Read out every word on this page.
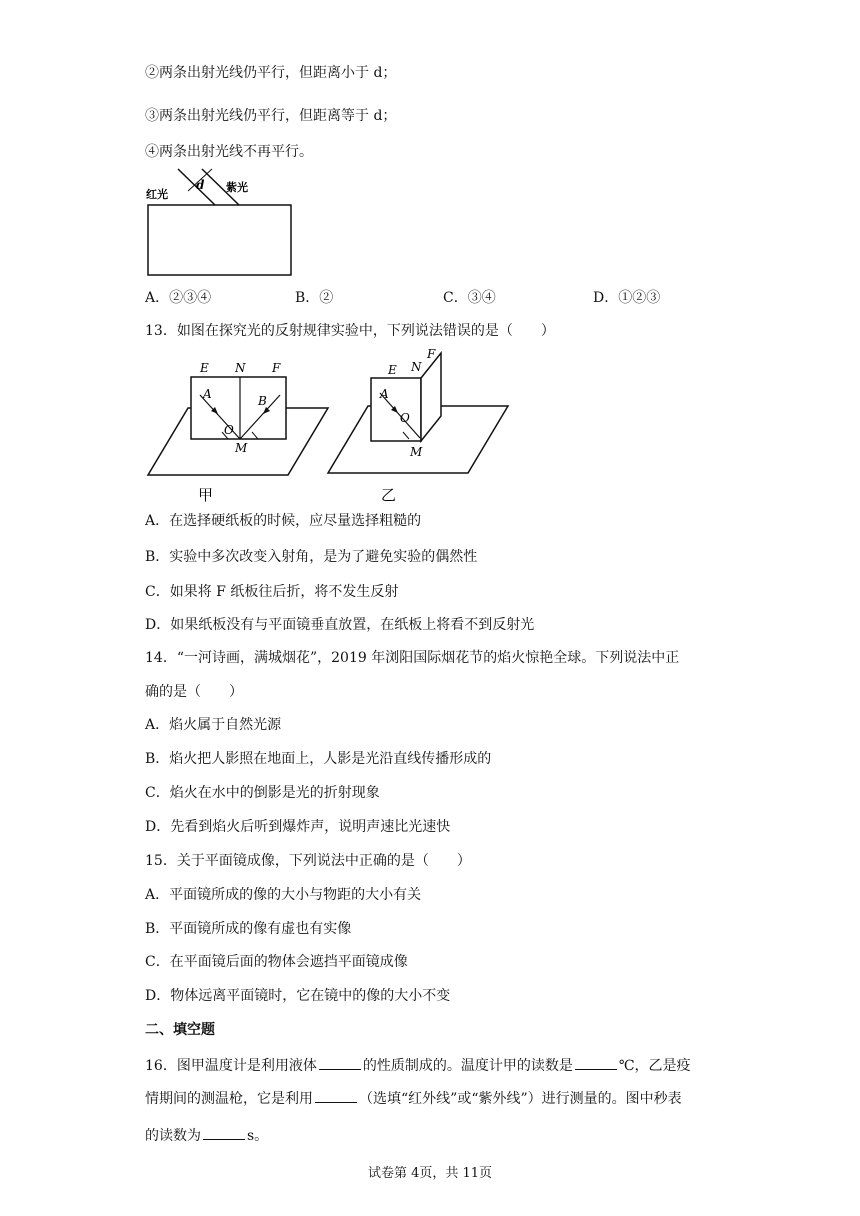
②两条出射光线仍平行，但距离小于 d；
③两条出射光线仍平行，但距离等于 d；
④两条出射光线不再平行。
红光
d 紫光
A．②③④	B．②	C．③④	D．①②③
13．如图在探究光的反射规律实验中，下列说法错误的是（　　）
E N F
A
O
B
M
甲
E N
F
A
O
M
乙
A．在选择硬纸板的时候，应尽量选择粗糙的
B．实验中多次改变入射角，是为了避免实验的偶然性
C．如果将 F 纸板往后折，将不发生反射
D．如果纸板没有与平面镜垂直放置，在纸板上将看不到反射光
14．“一河诗画，满城烟花”，2019 年浏阳国际烟花节的焰火惊艳全球。下列说法中正
确的是（　　）
A．焰火属于自然光源
B．焰火把人影照在地面上，人影是光沿直线传播形成的
C．焰火在水中的倒影是光的折射现象
D．先看到焰火后听到爆炸声，说明声速比光速快
15．关于平面镜成像，下列说法中正确的是（　　）
A．平面镜所成的像的大小与物距的大小有关
B．平面镜所成的像有虚也有实像
C．在平面镜后面的物体会遮挡平面镜成像
D．物体远离平面镜时，它在镜中的像的大小不变
二、填空题
16．图甲温度计是利用液体	的性质制成的。温度计甲的读数是	℃，乙是疫
情期间的测温枪，它是利用	（选填“红外线”或“紫外线”）进行测量的。图中秒表
的读数为	s。
试卷第 4页，共 11页
